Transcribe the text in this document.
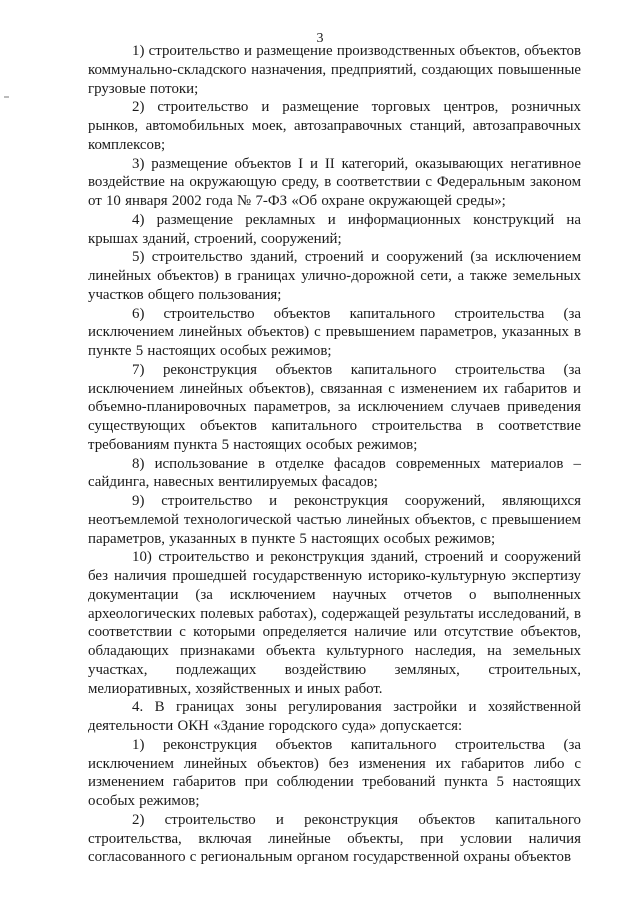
3

1) строительство и размещение производственных объектов, объектов коммунально-складского назначения, предприятий, создающих повышенные грузовые потоки;

2) строительство и размещение торговых центров, розничных рынков, автомобильных моек, автозаправочных станций, автозаправочных комплексов;

3) размещение объектов I и II категорий, оказывающих негативное воздействие на окружающую среду, в соответствии с Федеральным законом от 10 января 2002 года № 7-ФЗ «Об охране окружающей среды»;

4) размещение рекламных и информационных конструкций на крышах зданий, строений, сооружений;

5) строительство зданий, строений и сооружений (за исключением линейных объектов) в границах улично-дорожной сети, а также земельных участков общего пользования;

6) строительство объектов капитального строительства (за исключением линейных объектов) с превышением параметров, указанных в пункте 5 настоящих особых режимов;

7) реконструкция объектов капитального строительства (за исключением линейных объектов), связанная с изменением их габаритов и объемно-планировочных параметров, за исключением случаев приведения существующих объектов капитального строительства в соответствие требованиям пункта 5 настоящих особых режимов;

8) использование в отделке фасадов современных материалов – сайдинга, навесных вентилируемых фасадов;

9) строительство и реконструкция сооружений, являющихся неотъемлемой технологической частью линейных объектов, с превышением параметров, указанных в пункте 5 настоящих особых режимов;

10) строительство и реконструкция зданий, строений и сооружений без наличия прошедшей государственную историко-культурную экспертизу документации (за исключением научных отчетов о выполненных археологических полевых работах), содержащей результаты исследований, в соответствии с которыми определяется наличие или отсутствие объектов, обладающих признаками объекта культурного наследия, на земельных участках, подлежащих воздействию земляных, строительных, мелиоративных, хозяйственных и иных работ.

4. В границах зоны регулирования застройки и хозяйственной деятельности ОКН «Здание городского суда» допускается:

1) реконструкция объектов капитального строительства (за исключением линейных объектов) без изменения их габаритов либо с изменением габаритов при соблюдении требований пункта 5 настоящих особых режимов;

2) строительство и реконструкция объектов капитального строительства, включая линейные объекты, при условии наличия согласованного с региональным органом государственной охраны объектов
